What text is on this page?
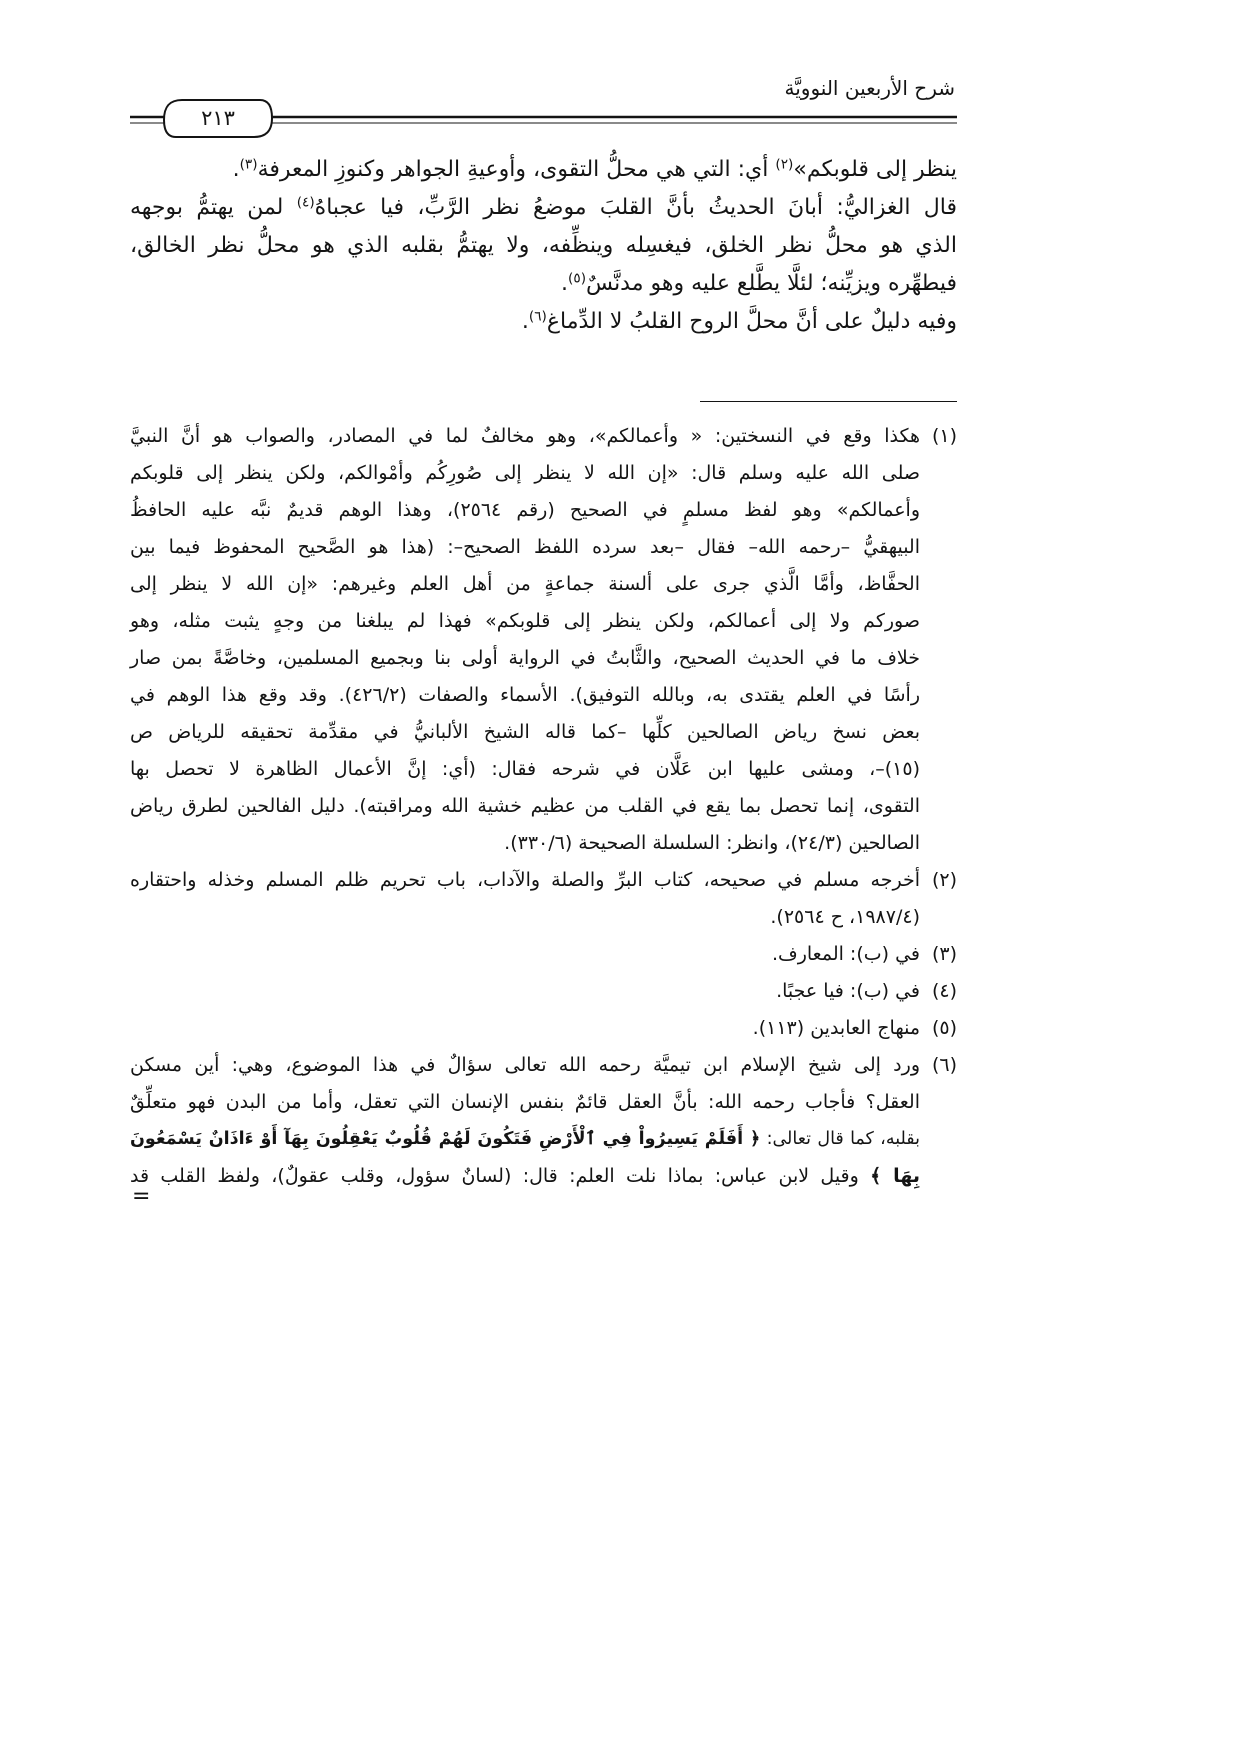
شرح الأربعين النوويَّة
٢١٣
ينظر إلى قلوبكم»$^{(٢)}$ أي: التي هي محلُّ التقوى، وأوعيةِ الجواهر وكنوزِ المعرفة$^{(٣)}$.
قال الغزاليُّ: أبانَ الحديثُ بأنَّ القلبَ موضعُ نظر الرَّبِّ، فيا عجباهُ$^{(٤)}$ لمن يهتمُّ بوجهه
الذي هو محلُّ نظر الخلق، فيغسِله وينظِّفه، ولا يهتمُّ بقلبه الذي هو محلُّ نظر الخالق،
فيطهِّره ويزيِّنه؛ لئلَّا يطَّلع عليه وهو مدنَّسٌ$^{(٥)}$.
وفيه دليلٌ على أنَّ محلَّ الروح القلبُ لا الدِّماغ$^{(٦)}$.
(١)
هكذا وقع في النسختين: « وأعمالكم»، وهو مخالفٌ لما في المصادر، والصواب هو أنَّ النبيَّ
صلى الله عليه وسلم قال: «إن الله لا ينظر إلى صُورِكُم وأمْوالكم، ولكن ينظر إلى قلوبكم
وأعمالكم» وهو لفظ مسلمٍ في الصحيح (رقم ٢٥٦٤)، وهذا الوهم قديمٌ نبَّه عليه الحافظُ
البيهقيُّ –رحمه الله– فقال –بعد سرده اللفظ الصحيح–: (هذا هو الصَّحيح المحفوظ فيما بين
الحفَّاظ، وأمَّا الَّذي جرى على ألسنة جماعةٍ من أهل العلم وغيرهم: «إن الله لا ينظر إلى
صوركم ولا إلى أعمالكم، ولكن ينظر إلى قلوبكم» فهذا لم يبلغنا من وجهٍ يثبت مثله، وهو
خلاف ما في الحديث الصحيح، والثَّابتُ في الرواية أولى بنا وبجميع المسلمين، وخاصَّةً بمن صار
رأسًا في العلم يقتدى به، وبالله التوفيق). الأسماء والصفات (٤٢٦/٢). وقد وقع هذا الوهم في
بعض نسخ رياض الصالحين كلِّها –كما قاله الشيخ الألبانيُّ في مقدِّمة تحقيقه للرياض ص
(١٥)–، ومشى عليها ابن عَلَّان في شرحه فقال: (أي: إنَّ الأعمال الظاهرة لا تحصل بها
التقوى، إنما تحصل بما يقع في القلب من عظيم خشية الله ومراقبته). دليل الفالحين لطرق رياض
الصالحين (٢٤/٣)، وانظر: السلسلة الصحيحة (٣٣٠/٦).
(٢)
أخرجه مسلم في صحيحه، كتاب البرِّ والصلة والآداب، باب تحريم ظلم المسلم وخذله واحتقاره
(١٩٨٧/٤، ح ٢٥٦٤).
(٣)
في (ب): المعارف.
(٤)
في (ب): فيا عجبًا.
(٥)
منهاج العابدين (١١٣).
(٦)
ورد إلى شيخ الإسلام ابن تيميَّة رحمه الله تعالى سؤالٌ في هذا الموضوع، وهي: أين مسكن
العقل؟ فأجاب رحمه الله: بأنَّ العقل قائمٌ بنفس الإنسان التي تعقل، وأما من البدن فهو متعلِّقٌ
بقلبه، كما قال تعالى: ﴿ أَفَلَمْ يَسِيرُواْ فِي ٱلْأَرْضِ فَتَكُونَ لَهُمْ قُلُوبٌ يَعْقِلُونَ بِهَآ أَوْ ءَاذَانٌ يَسْمَعُونَ
بِهَا ﴾ وقيل لابن عباس: بماذا نلت العلم: قال: (لسانٌ سؤول، وقلب عقولٌ)، ولفظ القلب قد
=
